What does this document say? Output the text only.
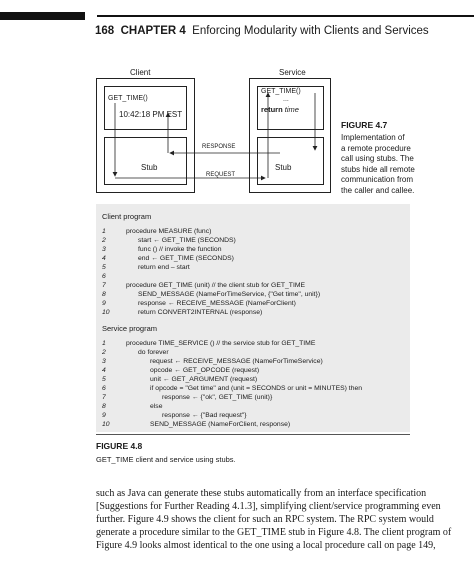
168 CHAPTER 4 Enforcing Modularity with Clients and Services
Client	Service
GET_TIME()
10:42:18 PM EST
GET_TIME()
...
return time
RESPONSE
REQUEST
Stub	Stub
FIGURE 4.7
Implementation of
a remote procedure
call using stubs. The
stubs hide all remote
communication from
the caller and callee.
Client program
1	procedure MEASURE (func)
2	start ← GET_TIME (SECONDS)
3	func () // invoke the function
4	end ← GET_TIME (SECONDS)
5	return end – start
6
7	procedure GET_TIME (unit) // the client stub for GET_TIME
8	SEND_MESSAGE (NameForTimeService, {"Get time", unit})
9	response ← RECEIVE_MESSAGE (NameForClient)
10	return CONVERT2INTERNAL (response)
Service program
1	procedure TIME_SERVICE () // the service stub for GET_TIME
2	do forever
3	request ← RECEIVE_MESSAGE (NameForTimeService)
4	opcode ← GET_OPCODE (request)
5	unit ← GET_ARGUMENT (request)
6	if opcode = "Get time" and (unit = SECONDS or unit = MINUTES) then
7	response ← {"ok", GET_TIME (unit)}
8	else
9	response ← {"Bad request"}
10	SEND_MESSAGE (NameForClient, response)
FIGURE 4.8
GET_TIME client and service using stubs.
such as Java can generate these stubs automatically from an interface specification
[Suggestions for Further Reading 4.1.3], simplifying client/service programming even
further. Figure 4.9 shows the client for such an RPC system. The RPC system would
generate a procedure similar to the GET_TIME stub in Figure 4.8. The client program of
Figure 4.9 looks almost identical to the one using a local procedure call on page 149,
